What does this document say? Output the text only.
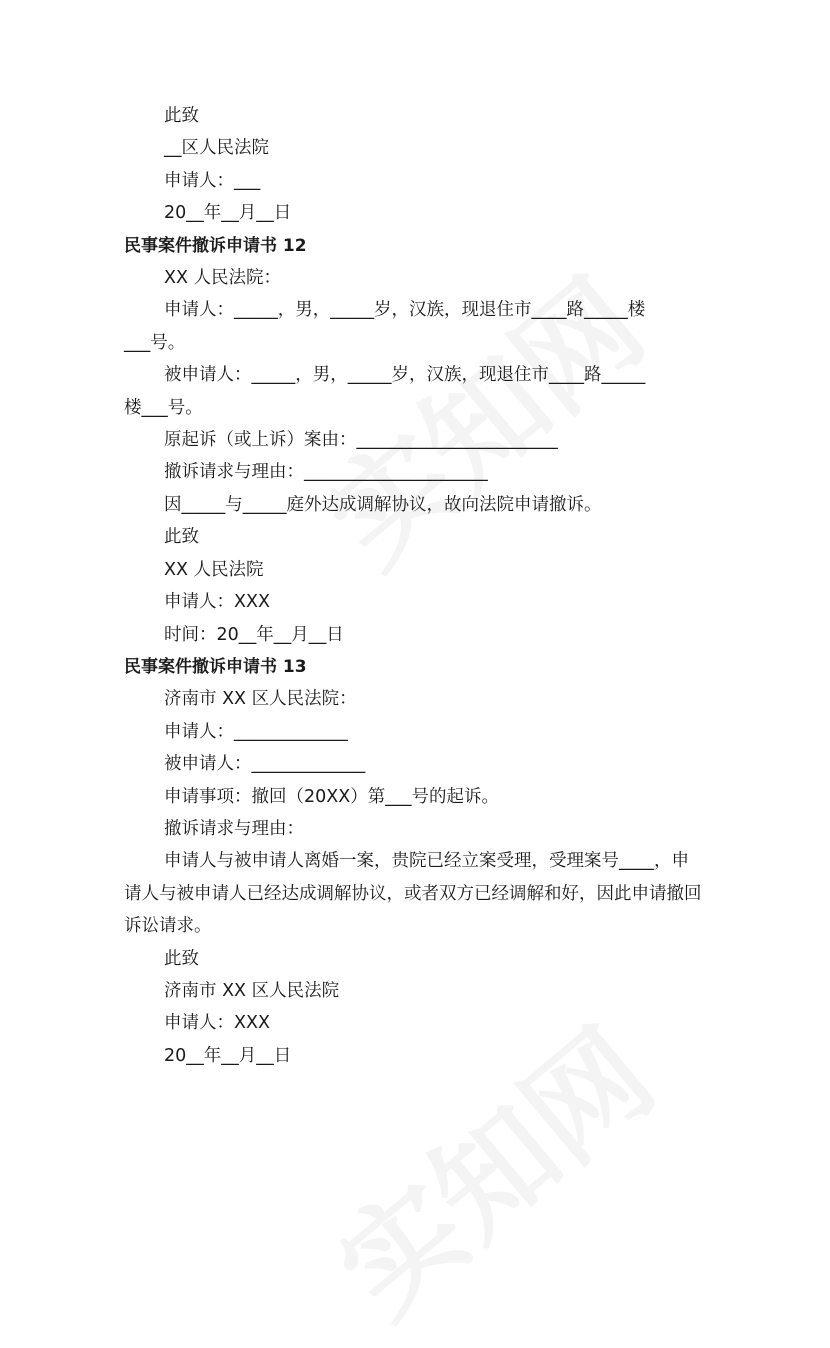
此致

__区人民法院

申请人：___

20__年__月__日

民事案件撤诉申请书 12

XX 人民法院：

申请人：_____，男，_____岁，汉族，现退住市____路_____楼

___号。

被申请人：_____，男，_____岁，汉族，现退住市____路_____

楼___号。

原起诉（或上诉）案由：_______________________

撤诉请求与理由：_____________________

因_____与_____庭外达成调解协议，故向法院申请撤诉。

此致

XX 人民法院

申请人：XXX

时间：20__年__月__日

民事案件撤诉申请书 13

济南市 XX 区人民法院：

申请人：_____________

被申请人：_____________

申请事项：撤回（20XX）第___号的起诉。

撤诉请求与理由：

申请人与被申请人离婚一案，贵院已经立案受理，受理案号____，申请人与被申请人已经达成调解协议，或者双方已经调解和好，因此申请撤回诉讼请求。

此致

济南市 XX 区人民法院

申请人：XXX

20__年__月__日
